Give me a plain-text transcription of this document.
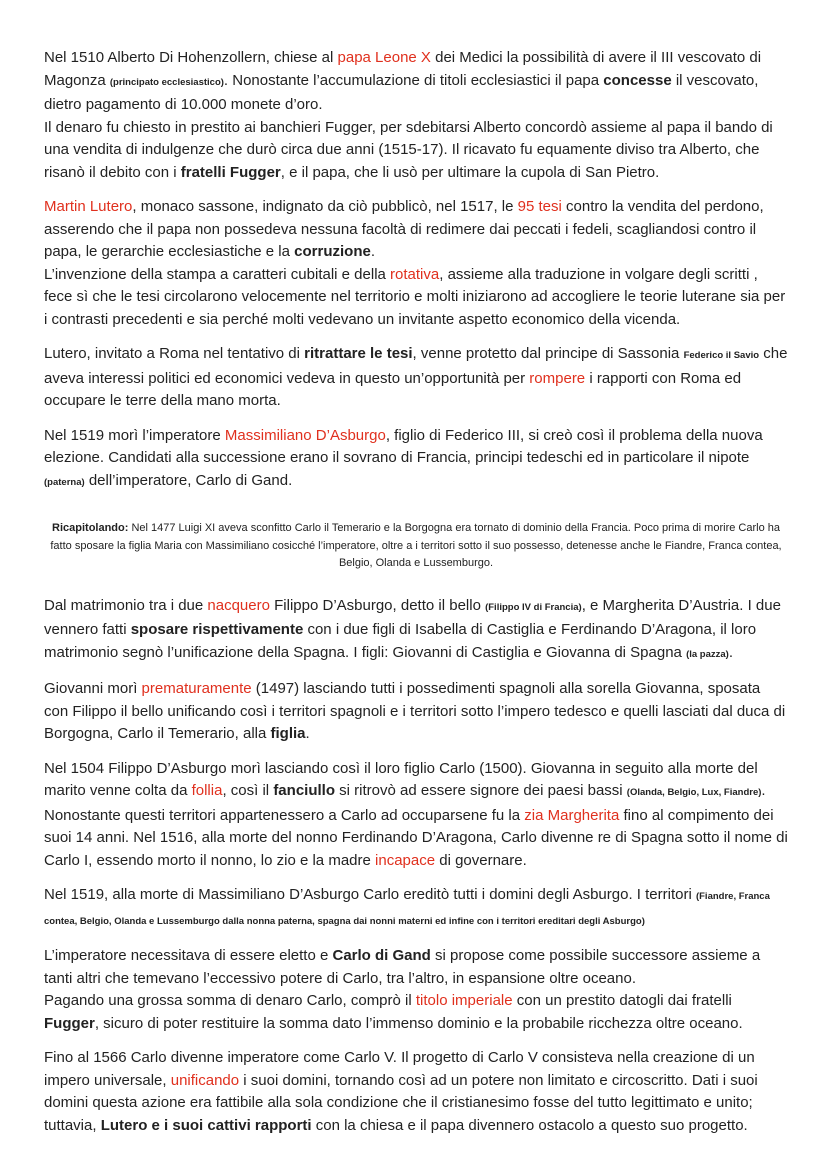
Nel 1510 Alberto Di Hohenzollern, chiese al papa Leone X dei Medici la possibilità di avere il III vescovato di Magonza (principato ecclesiastico). Nonostante l’accumulazione di titoli ecclesiastici il papa concesse il vescovato, dietro pagamento di 10.000 monete d’oro.
Il denaro fu chiesto in prestito ai banchieri Fugger, per sdebitarsi Alberto concordò assieme al papa il bando di una vendita di indulgenze che durò circa due anni (1515-17). Il ricavato fu equamente diviso tra Alberto, che risanò il debito con i fratelli Fugger, e il papa, che li usò per ultimare la cupola di San Pietro.

Martin Lutero, monaco sassone, indignato da ciò pubblicò, nel 1517, le 95 tesi contro la vendita del perdono, asserendo che il papa non possedeva nessuna facoltà di redimere dai peccati i fedeli, scagliandosi contro il papa, le gerarchie ecclesiastiche e la corruzione.
L’invenzione della stampa a caratteri cubitali e della rotativa, assieme alla traduzione in volgare degli scritti , fece sì che le tesi circolarono velocemente nel territorio e molti iniziarono ad accogliere le teorie luterane sia per i contrasti precedenti e sia perché molti vedevano un invitante aspetto economico della vicenda.

Lutero, invitato a Roma nel tentativo di ritrattare le tesi, venne protetto dal principe di Sassonia Federico il Savio che aveva interessi politici ed economici vedeva in questo un’opportunità per rompere i rapporti con Roma ed occupare le terre della mano morta.

Nel 1519 morì l’imperatore Massimiliano D’Asburgo, figlio di Federico III, si creò così il problema della nuova elezione. Candidati alla successione erano il sovrano di Francia, principi tedeschi ed in particolare il nipote (paterna) dell’imperatore, Carlo di Gand.

Ricapitolando: Nel 1477 Luigi XI aveva sconfitto Carlo il Temerario e la Borgogna era tornato di dominio della Francia. Poco prima di morire Carlo ha fatto sposare la figlia Maria con Massimiliano cosicché l’imperatore, oltre a i territori sotto il suo possesso, detenesse anche le Fiandre, Franca contea, Belgio, Olanda e Lussemburgo.

Dal matrimonio tra i due nacquero Filippo D’Asburgo, detto il bello (Filippo IV di Francia), e Margherita D’Austria. I due vennero fatti sposare rispettivamente con i due figli di Isabella di Castiglia e Ferdinando D’Aragona, il loro matrimonio segnò l’unificazione della Spagna. I figli: Giovanni di Castiglia e Giovanna di Spagna (la pazza).

Giovanni morì prematuramente (1497) lasciando tutti i possedimenti spagnoli alla sorella Giovanna, sposata con Filippo il bello unificando così i territori spagnoli e i territori sotto l’impero tedesco e quelli lasciati dal duca di Borgogna, Carlo il Temerario, alla figlia.

Nel 1504 Filippo D’Asburgo morì lasciando così il loro figlio Carlo (1500). Giovanna in seguito alla morte del marito venne colta da follia, così il fanciullo si ritrovò ad essere signore dei paesi bassi (Olanda, Belgio, Lux, Fiandre). Nonostante questi territori appartenessero a Carlo ad occuparsene fu la zia Margherita fino al compimento dei suoi 14 anni. Nel 1516, alla morte del nonno Ferdinando D’Aragona, Carlo divenne re di Spagna sotto il nome di Carlo I, essendo morto il nonno, lo zio e la madre incapace di governare.

Nel 1519, alla morte di Massimiliano D’Asburgo Carlo ereditò tutti i domini degli Asburgo. I territori (Fiandre, Franca contea, Belgio, Olanda e Lussemburgo dalla nonna paterna, spagna dai nonni materni ed infine con i territori ereditari degli Asburgo)

L’imperatore necessitava di essere eletto e Carlo di Gand si propose come possibile successore assieme a tanti altri che temevano l’eccessivo potere di Carlo, tra l’altro, in espansione oltre oceano.
Pagando una grossa somma di denaro Carlo, comprò il titolo imperiale con un prestito datogli dai fratelli Fugger, sicuro di poter restituire la somma dato l’immenso dominio e la probabile ricchezza oltre oceano.

Fino al 1566 Carlo divenne imperatore come Carlo V. Il progetto di Carlo V consisteva nella creazione di un impero universale, unificando i suoi domini, tornando così ad un potere non limitato e circoscritto. Dati i suoi domini questa azione era fattibile alla sola condizione che il cristianesimo fosse del tutto legittimato e unito; tuttavia, Lutero e i suoi cattivi rapporti con la chiesa e il papa divennero ostacolo a questo suo progetto.
